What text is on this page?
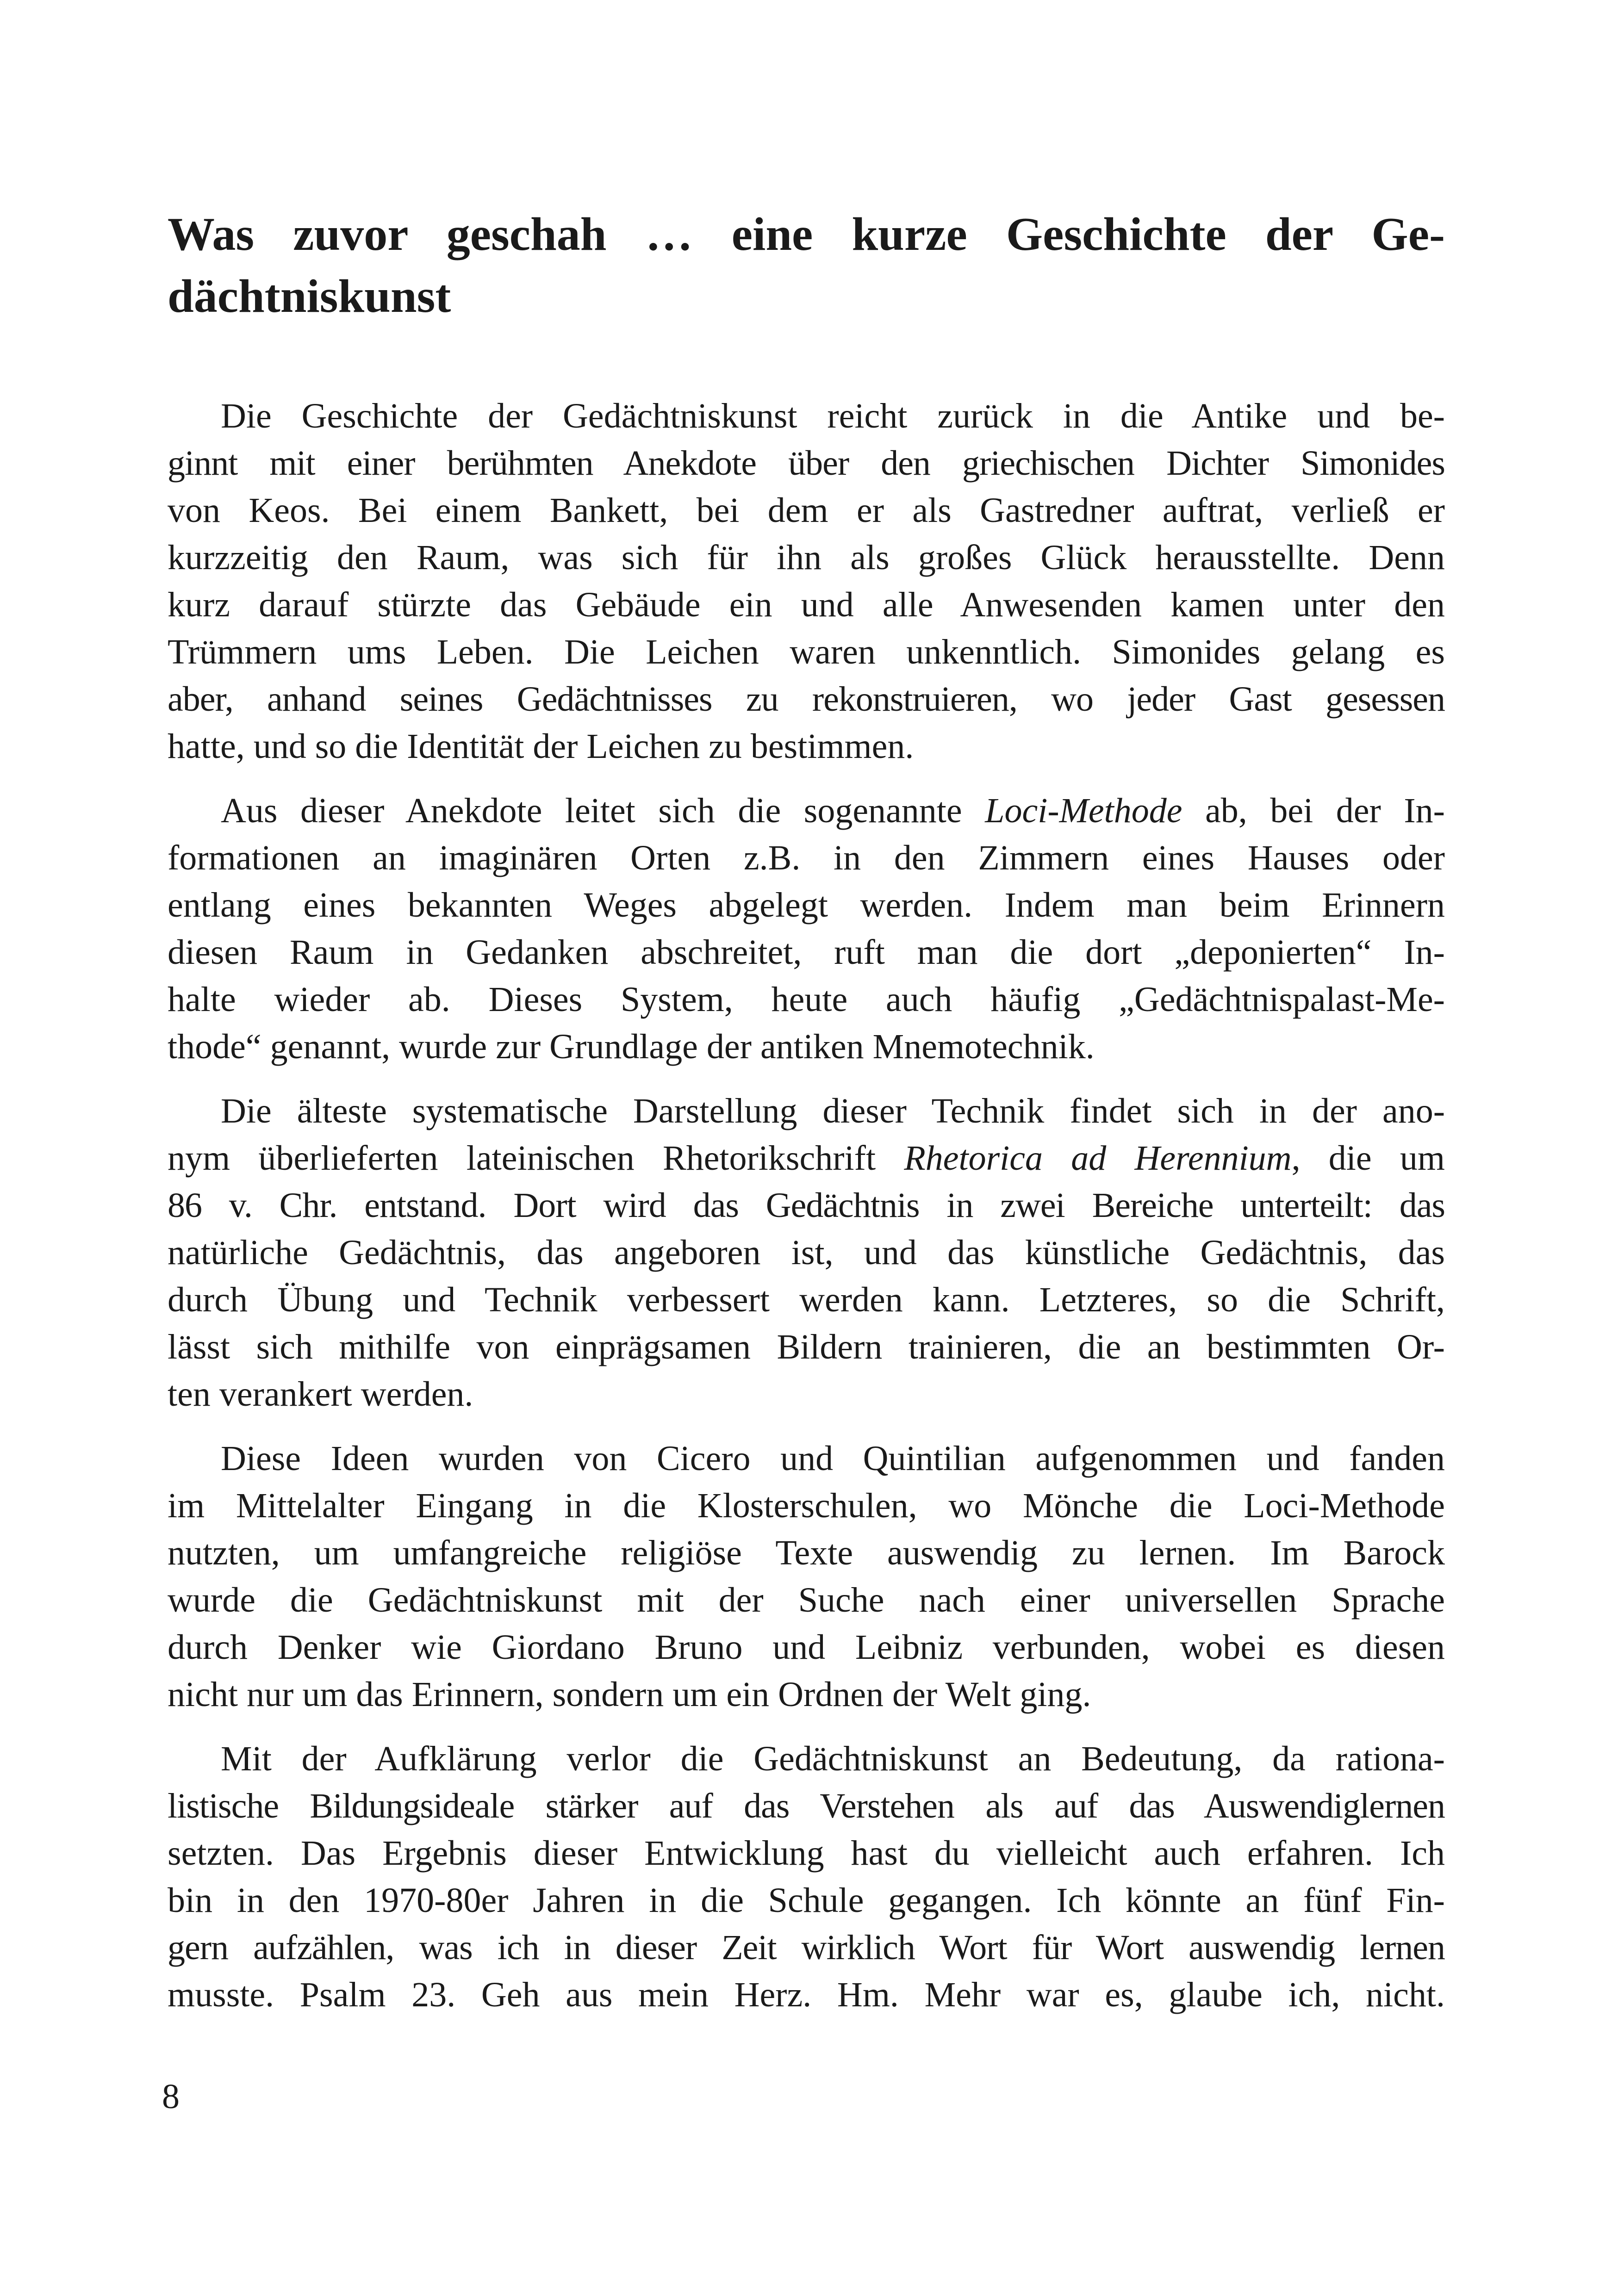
Was zuvor geschah … eine kurze Geschichte der Ge-
dächtniskunst

Die Geschichte der Gedächtniskunst reicht zurück in die Antike und be-
ginnt mit einer berühmten Anekdote über den griechischen Dichter Simonides
von Keos. Bei einem Bankett, bei dem er als Gastredner auftrat, verließ er
kurzzeitig den Raum, was sich für ihn als großes Glück herausstellte. Denn
kurz darauf stürzte das Gebäude ein und alle Anwesenden kamen unter den
Trümmern ums Leben. Die Leichen waren unkenntlich. Simonides gelang es
aber, anhand seines Gedächtnisses zu rekonstruieren, wo jeder Gast gesessen
hatte, und so die Identität der Leichen zu bestimmen.

Aus dieser Anekdote leitet sich die sogenannte Loci-Methode ab, bei der In-
formationen an imaginären Orten z.B. in den Zimmern eines Hauses oder
entlang eines bekannten Weges abgelegt werden. Indem man beim Erinnern
diesen Raum in Gedanken abschreitet, ruft man die dort „deponierten“ In-
halte wieder ab. Dieses System, heute auch häufig „Gedächtnispalast-Me-
thode“ genannt, wurde zur Grundlage der antiken Mnemotechnik.

Die älteste systematische Darstellung dieser Technik findet sich in der ano-
nym überlieferten lateinischen Rhetorikschrift Rhetorica ad Herennium, die um
86 v. Chr. entstand. Dort wird das Gedächtnis in zwei Bereiche unterteilt: das
natürliche Gedächtnis, das angeboren ist, und das künstliche Gedächtnis, das
durch Übung und Technik verbessert werden kann. Letzteres, so die Schrift,
lässt sich mithilfe von einprägsamen Bildern trainieren, die an bestimmten Or-
ten verankert werden.

Diese Ideen wurden von Cicero und Quintilian aufgenommen und fanden
im Mittelalter Eingang in die Klosterschulen, wo Mönche die Loci-Methode
nutzten, um umfangreiche religiöse Texte auswendig zu lernen. Im Barock
wurde die Gedächtniskunst mit der Suche nach einer universellen Sprache
durch Denker wie Giordano Bruno und Leibniz verbunden, wobei es diesen
nicht nur um das Erinnern, sondern um ein Ordnen der Welt ging.

Mit der Aufklärung verlor die Gedächtniskunst an Bedeutung, da rationa-
listische Bildungsideale stärker auf das Verstehen als auf das Auswendiglernen
setzten. Das Ergebnis dieser Entwicklung hast du vielleicht auch erfahren. Ich
bin in den 1970-80er Jahren in die Schule gegangen. Ich könnte an fünf Fin-
gern aufzählen, was ich in dieser Zeit wirklich Wort für Wort auswendig lernen
musste. Psalm 23. Geh aus mein Herz. Hm. Mehr war es, glaube ich, nicht.

8
